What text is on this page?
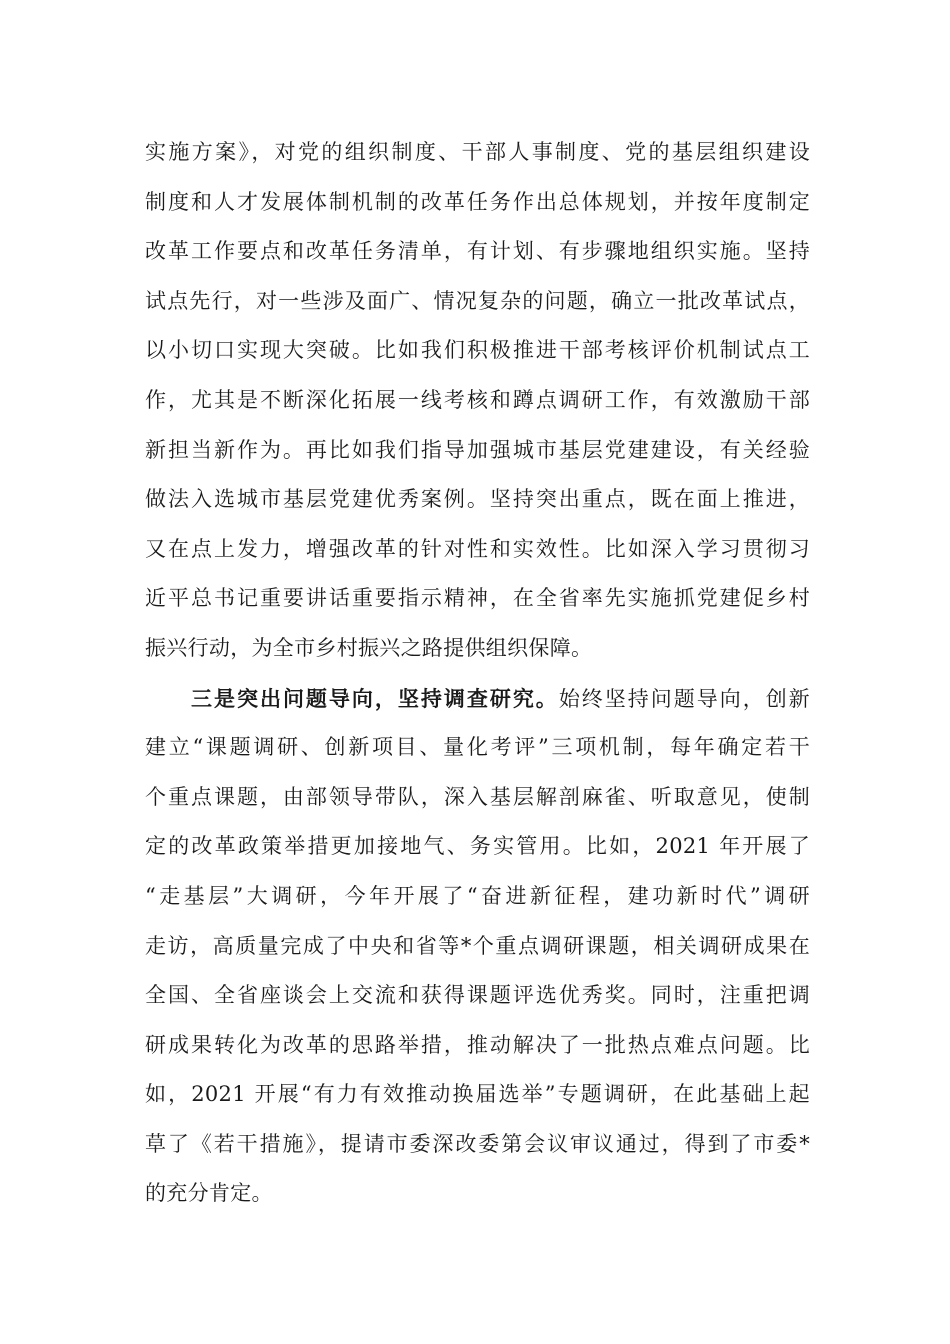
实施方案》，对党的组织制度、干部人事制度、党的基层组织建设
制度和人才发展体制机制的改革任务作出总体规划，并按年度制定
改革工作要点和改革任务清单，有计划、有步骤地组织实施。坚持
试点先行，对一些涉及面广、情况复杂的问题，确立一批改革试点，
以小切口实现大突破。比如我们积极推进干部考核评价机制试点工
作，尤其是不断深化拓展一线考核和蹲点调研工作，有效激励干部
新担当新作为。再比如我们指导加强城市基层党建建设，有关经验
做法入选城市基层党建优秀案例。坚持突出重点，既在面上推进，
又在点上发力，增强改革的针对性和实效性。比如深入学习贯彻习
近平总书记重要讲话重要指示精神，在全省率先实施抓党建促乡村
振兴行动，为全市乡村振兴之路提供组织保障。
三是突出问题导向，坚持调查研究。始终坚持问题导向，创新
建立“课题调研、创新项目、量化考评”三项机制，每年确定若干
个重点课题，由部领导带队，深入基层解剖麻雀、听取意见，使制
定的改革政策举措更加接地气、务实管用。比如，2021 年开展了
“走基层”大调研，今年开展了“奋进新征程，建功新时代”调研
走访，高质量完成了中央和省等*个重点调研课题，相关调研成果在
全国、全省座谈会上交流和获得课题评选优秀奖。同时，注重把调
研成果转化为改革的思路举措，推动解决了一批热点难点问题。比
如，2021 开展“有力有效推动换届选举”专题调研，在此基础上起
草了《若干措施》，提请市委深改委第会议审议通过，得到了市委*
的充分肯定。
